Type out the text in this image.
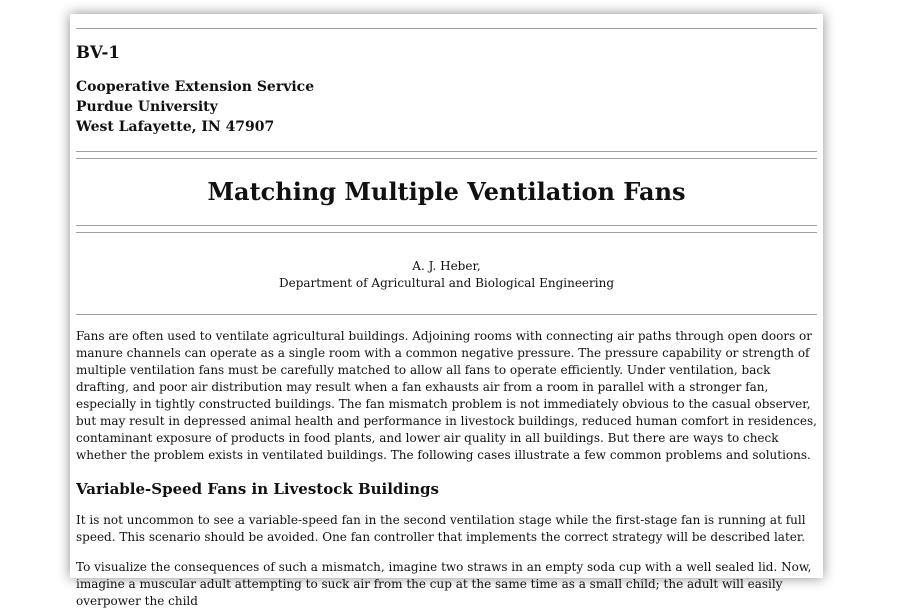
BV-1
Cooperative Extension Service
Purdue University
West Lafayette, IN 47907
Matching Multiple Ventilation Fans
A. J. Heber,
Department of Agricultural and Biological Engineering

Fans are often used to ventilate agricultural buildings. Adjoining rooms with connecting air paths through open doors or manure channels can operate as a single room with a common negative pressure. The pressure capability or strength of multiple ventilation fans must be carefully matched to allow all fans to operate efficiently. Under ventilation, back drafting, and poor air distribution may result when a fan exhausts air from a room in parallel with a stronger fan, especially in tightly constructed buildings. The fan mismatch problem is not immediately obvious to the casual observer, but may result in depressed animal health and performance in livestock buildings, reduced human comfort in residences, contaminant exposure of products in food plants, and lower air quality in all buildings. But there are ways to check whether the problem exists in ventilated buildings. The following cases illustrate a few common problems and solutions.

Variable-Speed Fans in Livestock Buildings

It is not uncommon to see a variable-speed fan in the second ventilation stage while the first-stage fan is running at full speed. This scenario should be avoided. One fan controller that implements the correct strategy will be described later.

To visualize the consequences of such a mismatch, imagine two straws in an empty soda cup with a well sealed lid. Now, imagine a muscular adult attempting to suck air from the cup at the same time as a small child; the adult will easily overpower the child
